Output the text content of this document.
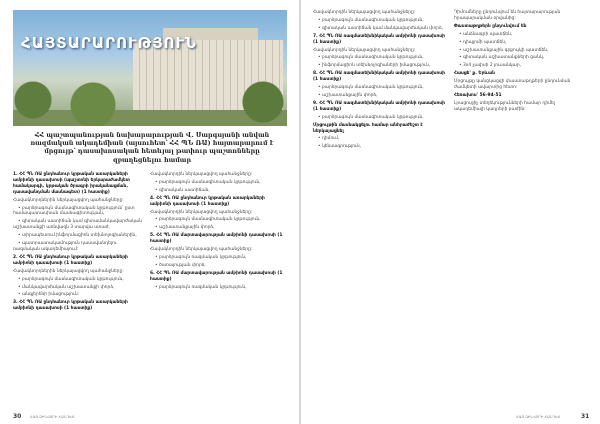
ՀԱՅՏԱՐԱՐՈՒԹՅՈՒՆ
ՀՀ պաշտպանության նախարարության Վ. Սարգսյանի անվան ռազմական ակադեմիան (այսուհետ՝ ՀՀ ՊՆ ՌԱ) հայտարարում է մրցույթ՝ դասախոսական հետևյալ թափուր պաշտոնները զբաղեցնելու համար

1. ՀՀ ՊՆ ՌԱ ընդհանուր կրթական առարկաների ամբիոնի դասախոսի (պաշտոնի երկարաժամկետ համակարգի, կրթական ծրագրի իրականացման, դասավանդման մասնագետ) (1 հաստիք)

Հավակնորդներին ներկայացվող պահանջները:

• բարձրագույն մասնագիտական կրթություն՝ ըստ համապատասխան մասնագիտության,

• գիտական աստիճան կամ գիտամանկավարժական աշխատանքի առնվազն 3 տարվա ստաժ,

• տիրապետում ինֆորմացիոն տեխնոլոգիաներին,

• պատրաստակամություն դասավանդելու ռազմական ակադեմիայում:

2. ՀՀ ՊՆ ՌԱ ընդհանուր կրթական առարկաների ամբիոնի դասախոսի (1 հաստիք)

Հավակնորդներին ներկայացվող պահանջները:

• բարձրագույն մասնագիտական կրթություն,

• մանկավարժական աշխատանքի փորձ,

• անգլերենի իմացություն:

3. ՀՀ ՊՆ ՌԱ ընդհանուր կրթական առարկաների ամբիոնի դասախոսի (1 հաստիք)

Հավակնորդին ներկայացվող պահանջները:

• բարձրագույն մասնագիտական կրթություն,

• գիտական աստիճան,

4. ՀՀ ՊՆ ՌԱ ընդհանուր կրթական առարկաների ամբիոնի դասախոսի (1 հաստիք)

Հավակնորդին ներկայացվող պահանջները:

• բարձրագույն մասնագիտական կրթություն,

• աշխատանքային փորձ,

5. ՀՀ ՊՆ ՌԱ մարտավարության ամբիոնի դասախոսի (1 հաստիք)

Հավակնորդին ներկայացվող պահանջները:

• բարձրագույն ռազմական կրթություն,

• ծառայության փորձ,

6. ՀՀ ՊՆ ՌԱ մարտավարության ամբիոնի դասախոսի (1 հաստիք)

• բարձրագույն ռազմական կրթություն,

30 ՀԱՅ ԶԻՆՎՈՐԻ ՀԱՆԴԵՍ

Հավակնորդին ներկայացվող պահանջները:

• բարձրագույն մասնագիտական կրթություն,

• գիտական աստիճան կամ մանկավարժական փորձ,

7. ՀՀ ՊՆ ՌԱ ռազմատեխնիկական ամբիոնի դասախոսի (1 հաստիք)

Հավակնորդին ներկայացվող պահանջները:

• բարձրագույն մասնագիտական կրթություն,

• ինֆորմացիոն տեխնոլոգիաների իմացություն,

8. ՀՀ ՊՆ ՌԱ ռազմատեխնիկական ամբիոնի դասախոսի (1 հաստիք)

• բարձրագույն մասնագիտական կրթություն,

• աշխատանքային փորձ,

9. ՀՀ ՊՆ ՌԱ ռազմատեխնիկական ամբիոնի դասախոսի (1 հաստիք)

• բարձրագույն մասնագիտական կրթություն,

Մրցույթին մասնակցելու համար անհրաժեշտ է ներկայացնել

• դիմում,

• կենսագրություն,

Դիմումները ընդունվում են հայտարարության հրապարակման օրվանից:

Փաստաթղթերն ընդունվում են

• անձնագրի պատճեն,

• դիպլոմի պատճեն,

• աշխատանքային գրքույկի պատճեն,

• գիտական աշխատանքների ցանկ,

• 3x4 չափսի 2 լուսանկար,

Հասցե՝ ք. Երևան

Մրցույթը կանցկացվի փաստաթղթերի ընդունման ժամկետի ավարտից հետո:

Հեռախոս՝ 56-94-51

Լրացուցիչ տեղեկությունների համար դիմել ակադեմիայի կադրերի բաժին:

ՀԱՅ ԶԻՆՎՈՐԻ ՀԱՆԴԵՍ	31
